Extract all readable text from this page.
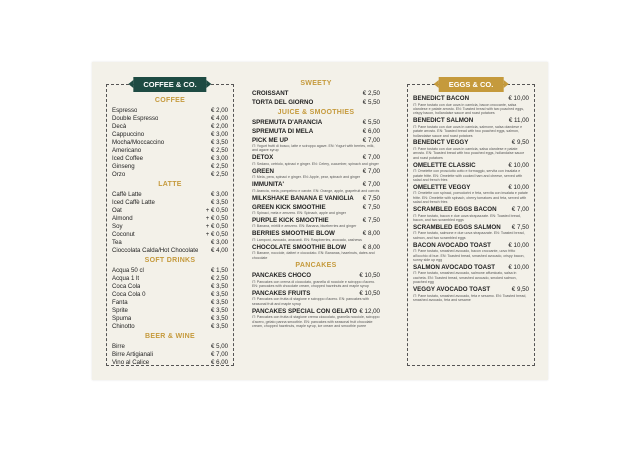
COFFEE & CO.
COFFEE
Espresso	€ 2,00
Double Espresso	€ 4,00
Decà	€ 2,00
Cappuccino	€ 3,00
Mocha/Moccaccino	€ 3,50
Americano	€ 2,50
Iced Coffee	€ 3,00
Ginseng	€ 2,50
Orzo	€ 2,50
LATTE
Caffè Latte	€ 3,00
Iced Caffè Latte	€ 3,50
Oat	+ € 0,50
Almond	+ € 0,50
Soy	+ € 0,50
Coconut	+ € 0,50
Tea	€ 3,00
Cioccolata Calda/Hot Chocolate	€ 4,00
SOFT DRINKS
Acqua 50 cl	€ 1,50
Acqua 1 lt	€ 2,50
Coca Cola	€ 3,50
Coca Cola 0	€ 3,50
Fanta	€ 3,50
Sprite	€ 3,50
Spuma	€ 3,50
Chinotto	€ 3,50
BEER & WINE
Birre	€ 5,00
Birre Artigianali	€ 7,00
Vino al Calice	€ 6,00
SWEETY
CROISSANT	€ 2,50
TORTA DEL GIORNO	€ 5,50
JUICE & SMOOTHIES
SPREMUTA D'ARANCIA	€ 5,50
SPREMUTA DI MELA	€ 6,00
PICK ME UP	€ 7,00
IT: Yogurt frutti di bosco, latte e sciroppo agave. EN: Yogurt with berries, milk, and agave syrup
DETOX	€ 7,00
IT: Sedano, cetriolo, spinaci e ginger. EN: Celery, cucumber, spinach and ginger
GREEN	€ 7,00
IT: Mela, pera, spinaci e ginger. EN: Apple, pear, spinach and ginger
IMMUNITA'	€ 7,00
IT: Arancia, mela, pompelmo e carote. EN: Orange, apple, grapefruit and carrots
MILKSHAKE BANANA E VANIGLIA € 7,50
GREEN KICK SMOOTHIE	€ 7,50
IT: Spinaci, mela e zenzero. EN: Spinach, apple and ginger
PURPLE KICK SMOOTHIE	€ 7,50
IT: Banana, mirtilli e zenzero. EN: Banana, blueberries and ginger
BERRIES SMOOTHIE BLOW	€ 8,00
IT: Lamponi, avocado, anacardi. EN: Raspberries, avocado, cashews
CHOCOLATE SMOOTHIE BLOW	€ 8,00
IT: Banane, nocciole, datteri e cioccolato. EN: Bananas, hazelnuts, dates and chocolate
PANCAKES
PANCAKES CHOCO	€ 10,50
IT: Pancakes con crema di cioccolato, granella di nocciole e sciroppo d'acero. EN: pancakes with chocolate cream, chopped hazelnuts and maple syrup
PANCAKES FRUITS	€ 10,50
IT: Pancakes con frutta di stagione e sciroppo d'acero. EN: pancakes with seasonal fruit and maple syrup
PANCAKES SPECIAL CON GELATO € 12,00
IT: Pancakes con frutta di stagione crema cioccolato, granella nocciole, sciroppo d'acero, gelato panna smoothie. EN: pancakes with seasonal fruit chocolate cream, chopped hazelnuts, maple syrup, ice cream and smoothie puree
EGGS & CO.
BENEDICT BACON	€ 10,00
IT: Pane tostato con due uova in camicia, bacon croccante, salsa olandese e patate arrosto. EN: Toasted bread with two poached eggs, crispy bacon, hollandaise sauce and roast potatoes
BENEDICT SALMON	€ 11,00
IT: Pane tostato con due uova in camicia, salmone, salsa olandese e patate arrosto. EN: Toasted bread with two poached eggs, salmon, hollandaise sauce and roast potatoes
BENEDICT VEGGY	€ 9,50
IT: Pane tostato con due uova in camicia, salsa olandese e patate arrosto. EN: Toasted bread with two poached eggs, hollandaise sauce and roast potatoes
OMELETTE CLASSIC	€ 10,00
IT: Omelette con prosciutto cotto e formaggio, servita con insalata e patate fritte. EN: Omelette with cooked ham and cheese, served with salad and french fries
OMELETTE VEGGY	€ 10,00
IT: Omelette con spinaci, pomodorini e feta, servita con insalata e patate fritte. EN: Omelette with spinach, cherry tomatoes and feta, served with salad and french fries
SCRAMBLED EGGS BACON € 7,00
IT: Pane tostato, bacon e due uova strapazzate. EN: Toasted bread, bacon, and two scrambled eggs
SCRAMBLED EGGS SALMON € 7,50
IT: Pane tostato, salmone e due uova strapazzate. EN: Toasted bread, salmon, and two scrambled eggs
BACON AVOCADO TOAST	€ 10,00
IT: Pane tostato, smashed avocado, bacon croccante, uovo fritto all'occhio di bue. EN: Toasted bread, smashed avocado, crispy bacon, sunny side up egg
SALMON AVOCADO TOAST € 10,00
IT: Pane tostato, smashed avocado, salmone affumicato, salsa in cacheta. EN: Toasted bread, smashed avocado, smoked salmon, poached egg
VEGGY AVOCADO TOAST	€ 9,50
IT: Pane tostato, smashed avocado, feta e sesamo. EN: Toasted bread, smashed avocado, feta and sesame
